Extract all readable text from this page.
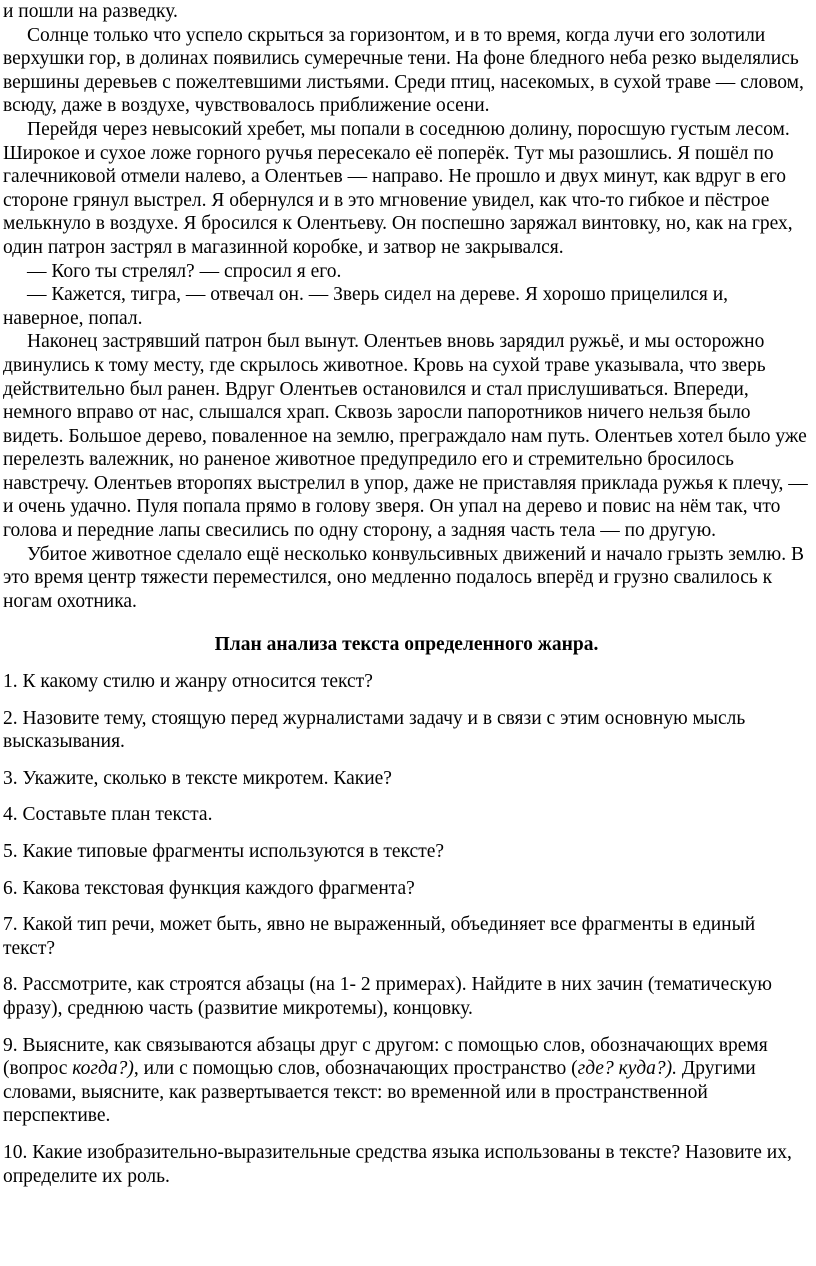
и пошли на разведку.

Солнце только что успело скрыться за горизонтом, и в то время, когда лучи его золотили верхушки гор, в долинах появились сумеречные тени. На фоне бледного неба резко выделялись вершины деревьев с пожелтевшими листьями. Среди птиц, насекомых, в сухой траве — словом, всюду, даже в воздухе, чувствовалось приближение осени.

Перейдя через невысокий хребет, мы попали в соседнюю долину, поросшую густым лесом. Широкое и сухое ложе горного ручья пересекало её поперёк. Тут мы разошлись. Я пошёл по галечниковой отмели налево, а Олентьев — направо. Не прошло и двух минут, как вдруг в его стороне грянул выстрел. Я обернулся и в это мгновение увидел, как что-то гибкое и пёстрое мелькнуло в воздухе. Я бросился к Олентьеву. Он поспешно заряжал винтовку, но, как на грех, один патрон застрял в магазинной коробке, и затвор не закрывался.

— Кого ты стрелял? — спросил я его.

— Кажется, тигра, — отвечал он. — Зверь сидел на дереве. Я хорошо прицелился и, наверное, попал.

Наконец застрявший патрон был вынут. Олентьев вновь зарядил ружьё, и мы осторожно двинулись к тому месту, где скрылось животное. Кровь на сухой траве указывала, что зверь действительно был ранен. Вдруг Олентьев остановился и стал прислушиваться. Впереди, немного вправо от нас, слышался храп. Сквозь заросли папоротников ничего нельзя было видеть. Большое дерево, поваленное на землю, преграждало нам путь. Олентьев хотел было уже перелезть валежник, но раненое животное предупредило его и стремительно бросилось навстречу. Олентьев второпях выстрелил в упор, даже не приставляя приклада ружья к плечу, — и очень удачно. Пуля попала прямо в голову зверя. Он упал на дерево и повис на нём так, что голова и передние лапы свесились по одну сторону, а задняя часть тела — по другую.

Убитое животное сделало ещё несколько конвульсивных движений и начало грызть землю. В это время центр тяжести переместился, оно медленно подалось вперёд и грузно свалилось к ногам охотника.

План анализа текста определенного жанра.

1. К какому стилю и жанру относится текст?

2. Назовите тему, стоящую перед журналистами задачу и в связи с этим основную мысль высказывания.

3. Укажите, сколько в тексте микротем. Какие?

4. Составьте план текста.

5. Какие типовые фрагменты используются в тексте?

6. Какова текстовая функция каждого фрагмента?

7. Какой тип речи, может быть, явно не выраженный, объединяет все фрагменты в единый текст?

8. Рассмотрите, как строятся абзацы (на 1- 2 примерах). Найдите в них зачин (тематическую фразу), среднюю часть (развитие микротемы), концовку.

9. Выясните, как связываются абзацы друг с другом: с помощью слов, обозначающих время (вопрос когда?), или с помощью слов, обозначающих пространство (где? куда?). Другими словами, выясните, как развертывается текст: во временной или в пространственной перспективе.

10. Какие изобразительно-выразительные средства языка использованы в тексте? Назовите их, определите их роль.
